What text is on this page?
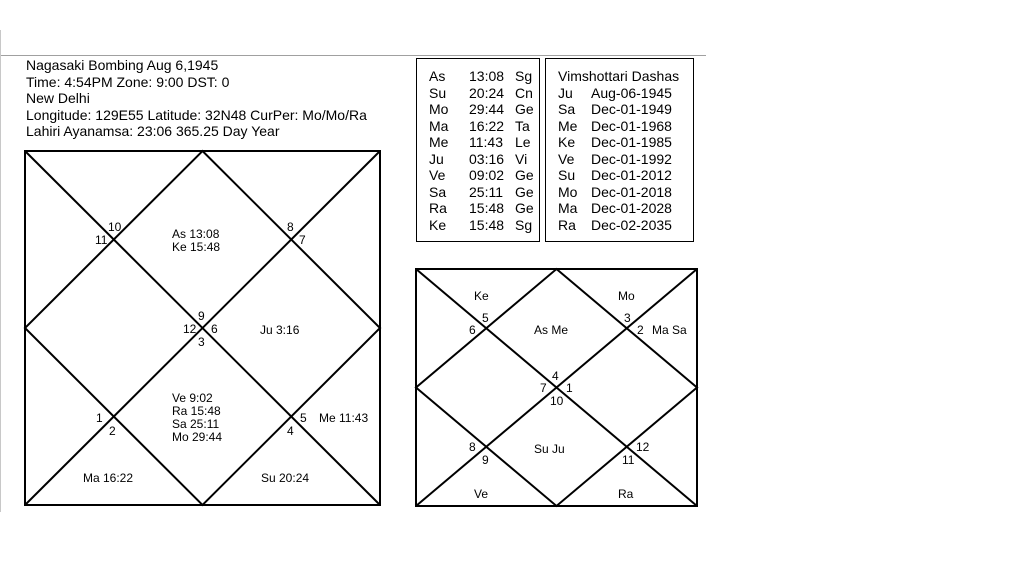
Nagasaki Bombing Aug 6,1945
Time: 4:54PM Zone: 9:00 DST: 0
New Delhi
Longitude: 129E55 Latitude: 32N48 CurPer: Mo/Mo/Ra
Lahiri Ayanamsa: 23:06 365.25 Day Year
As 13:08 Sg
Su 20:24 Cn
Mo 29:44 Ge
Ma 16:22 Ta
Me 11:43 Le
Ju 03:16 Vi
Ve 09:02 Ge
Sa 25:11 Ge
Ra 15:48 Ge
Ke 15:48 Sg
Vimshottari Dashas
Ju Aug-06-1945
Sa Dec-01-1949
Me Dec-01-1968
Ke Dec-01-1985
Ve Dec-01-1992
Su Dec-01-2012
Mo Dec-01-2018
Ma Dec-01-2028
Ra Dec-02-2035
10
11
8
7
9
12 6
3
1
2
5
4
As 13:08
Ke 15:48
Ju 3:16
Ve 9:02
Ra 15:48
Sa 25:11
Mo 29:44
Ma 16:22	Su 20:24
Me 11:43
5
6
3
2
4
7 1
10
8
9
12
11
As Me
Ke	Mo
Ma Sa
Su Ju
Ve	Ra
